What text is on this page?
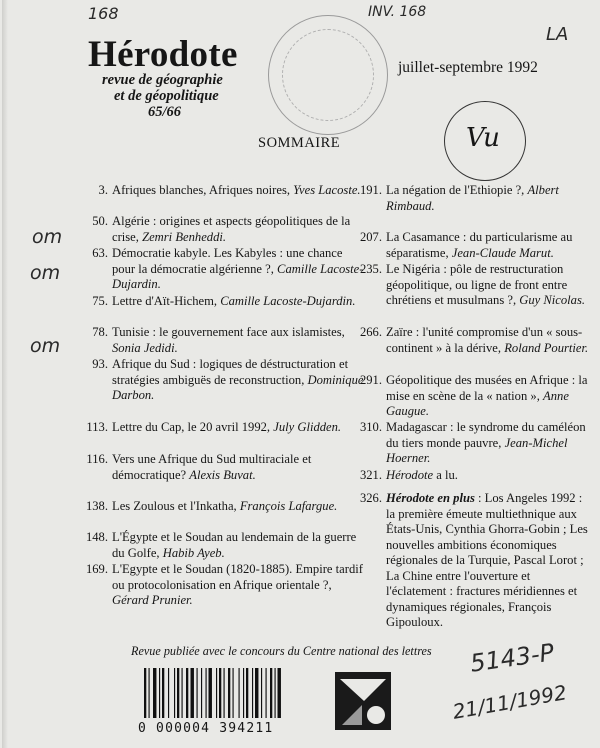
168	INV. 168
LA
Hérodote
revue de géographie
et de géopolitique
65/66
juillet-septembre 1992
Vu
SOMMAIRE
om
om
om
3. Afriques blanches, Afriques noires, Yves Lacoste.
50. Algérie : origines et aspects géopolitiques de la crise, Zemri Benheddi.
63. Démocratie kabyle. Les Kabyles : une chance pour la démocratie algérienne ?, Camille Lacoste-Dujardin.
75. Lettre d'Aït-Hichem, Camille Lacoste-Dujardin.
78. Tunisie : le gouvernement face aux islamistes, Sonia Jedidi.
93. Afrique du Sud : logiques de déstructuration et stratégies ambiguës de reconstruction, Dominique Darbon.
113. Lettre du Cap, le 20 avril 1992, July Glidden.
116. Vers une Afrique du Sud multiraciale et démocratique? Alexis Buvat.
138. Les Zoulous et l'Inkatha, François Lafargue.
148. L'Égypte et le Soudan au lendemain de la guerre du Golfe, Habib Ayeb.
169. L'Egypte et le Soudan (1820-1885). Empire tardif ou protocolonisation en Afrique orientale ?, Gérard Prunier.
191. La négation de l'Ethiopie ?, Albert Rimbaud.
207. La Casamance : du particularisme au séparatisme, Jean-Claude Marut.
235. Le Nigéria : pôle de restructuration géopolitique, ou ligne de front entre chrétiens et musulmans ?, Guy Nicolas.
266. Zaïre : l'unité compromise d'un « sous-continent » à la dérive, Roland Pourtier.
291. Géopolitique des musées en Afrique : la mise en scène de la « nation », Anne Gaugue.
310. Madagascar : le syndrome du caméléon du tiers monde pauvre, Jean-Michel Hoerner.
321. Hérodote a lu.
326. Hérodote en plus : Los Angeles 1992 : la première émeute multiethnique aux États-Unis, Cynthia Ghorra-Gobin ; Les nouvelles ambitions économiques régionales de la Turquie, Pascal Lorot ; La Chine entre l'ouverture et l'éclatement : fractures méridiennes et dynamiques régionales, François Gipouloux.
Revue publiée avec le concours du Centre national des lettres
0 000004 394211
5143-P
21/11/1992
